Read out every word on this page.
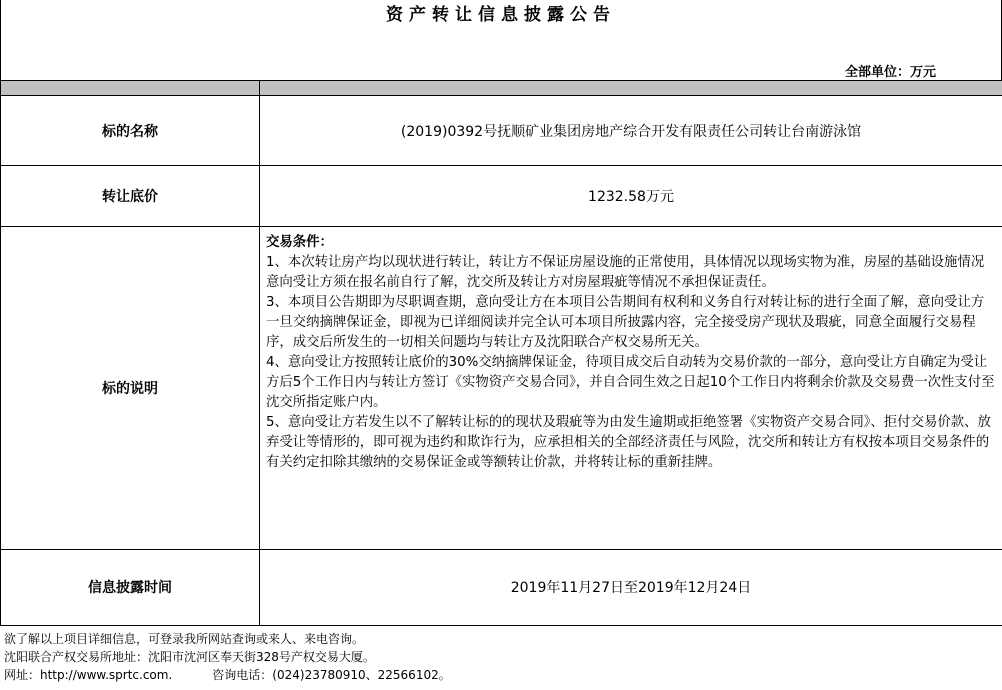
资产转让信息披露公告
全部单位：万元

标的名称	(2019)0392号抚顺矿业集团房地产综合开发有限责任公司转让台南游泳馆
转让底价	1232.58万元
标的说明	交易条件：
1、本次转让房产均以现状进行转让，转让方不保证房屋设施的正常使用，具体情况以现场实物为准，房屋的基础设施情况意向受让方须在报名前自行了解，沈交所及转让方对房屋瑕疵等情况不承担保证责任。
3、本项目公告期即为尽职调查期，意向受让方在本项目公告期间有权利和义务自行对转让标的进行全面了解，意向受让方一旦交纳摘牌保证金，即视为已详细阅读并完全认可本项目所披露内容，完全接受房产现状及瑕疵，同意全面履行交易程序，成交后所发生的一切相关问题均与转让方及沈阳联合产权交易所无关。
4、意向受让方按照转让底价的30%交纳摘牌保证金，待项目成交后自动转为交易价款的一部分，意向受让方自确定为受让方后5个工作日内与转让方签订《实物资产交易合同》，并自合同生效之日起10个工作日内将剩余价款及交易费一次性支付至沈交所指定账户内。
5、意向受让方若发生以不了解转让标的的现状及瑕疵等为由发生逾期或拒绝签署《实物资产交易合同》、拒付交易价款、放弃受让等情形的，即可视为违约和欺诈行为，应承担相关的全部经济责任与风险，沈交所和转让方有权按本项目交易条件的有关约定扣除其缴纳的交易保证金或等额转让价款，并将转让标的重新挂牌。

信息披露时间	2019年11月27日至2019年12月24日
欲了解以上项目详细信息，可登录我所网站查询或来人、来电咨询。
沈阳联合产权交易所地址：沈阳市沈河区奉天街328号产权交易大厦。
网址：http://www.sprtc.com.	咨询电话：(024)23780910、22566102。
